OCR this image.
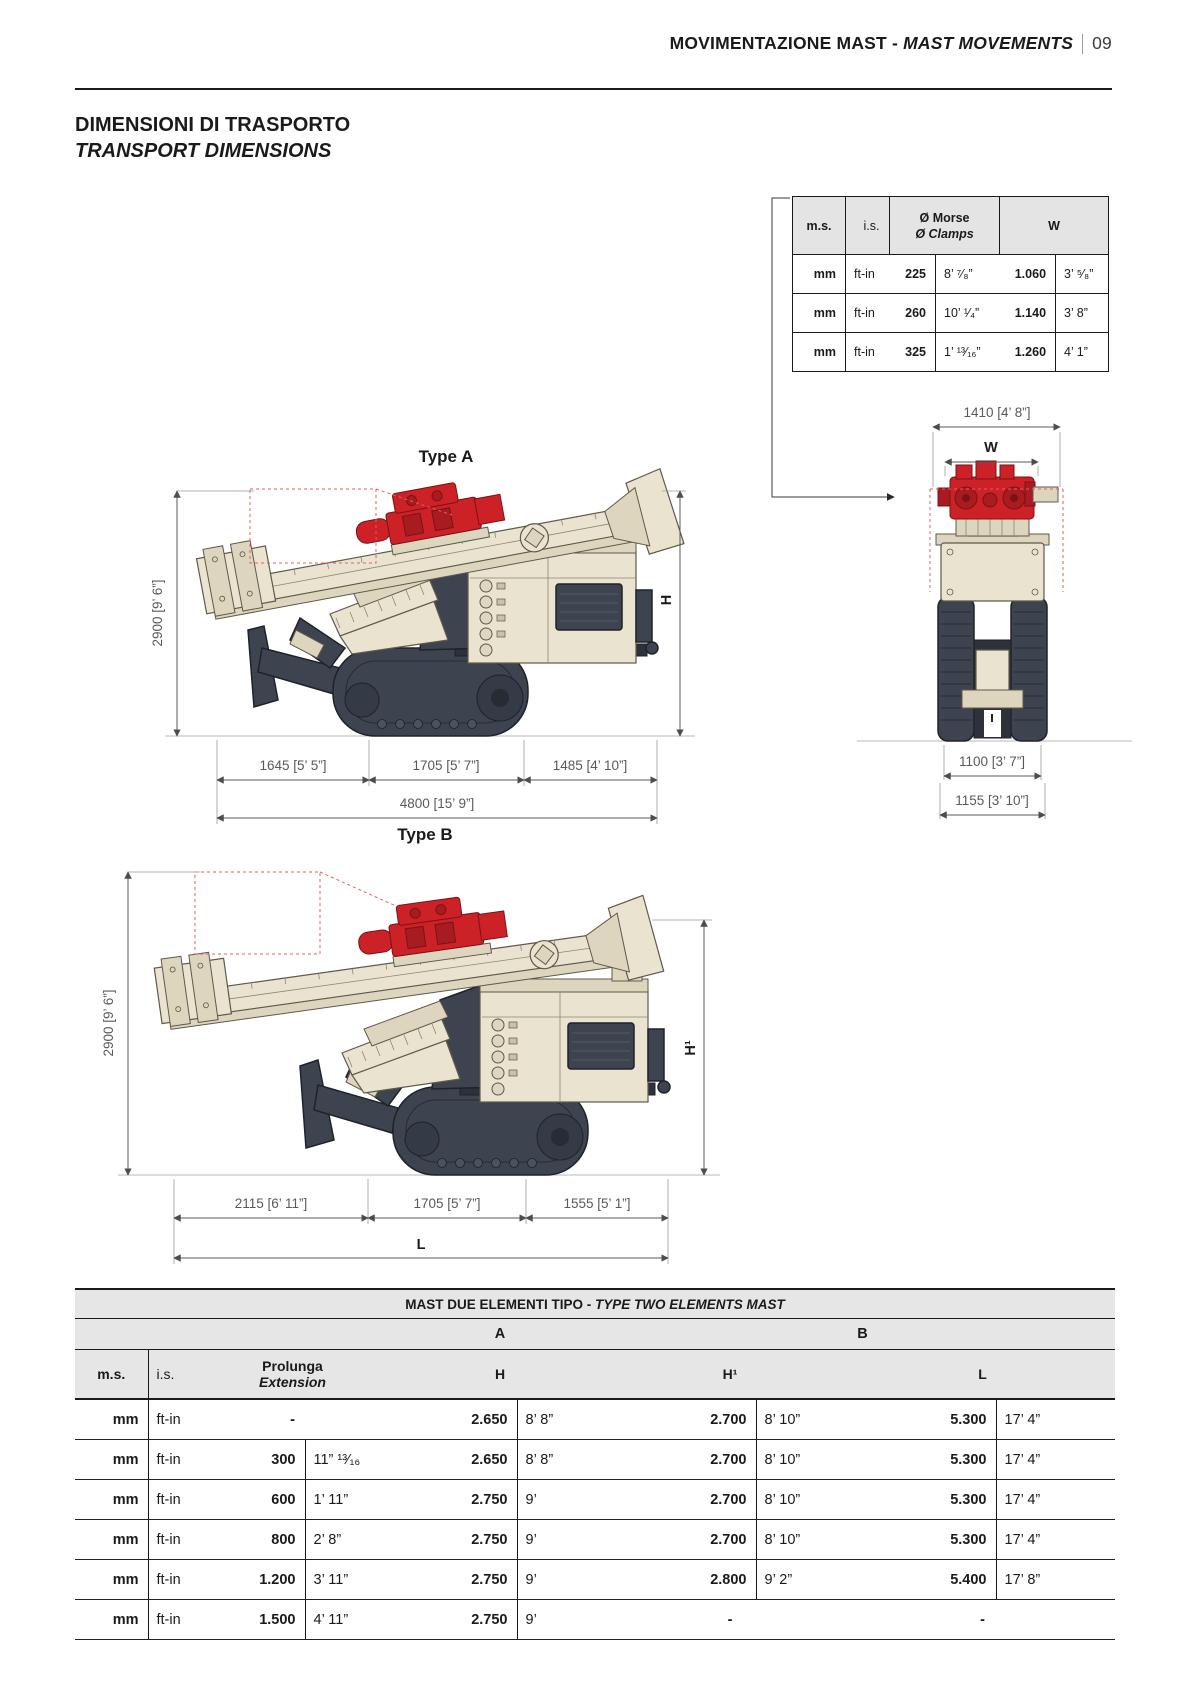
Type A
2900 [9’ 6”]	H
1645 [5’ 5”]	1705 [5’ 7”]	1485 [4’ 10”]
4800 [15’ 9”]
1410 [4’ 8”]
W
1100 [3’ 7”]
1155 [3’ 10”]
Type B
2900 [9’ 6”]	H¹
2115 [6’ 11”]	1705 [5’ 7”]	1555 [5’ 1”]
L
MOVIMENTAZIONE MAST - MAST MOVEMENTS 09
DIMENSIONI DI TRASPORTO
TRANSPORT DIMENSIONS
m.s.	i.s.	Ø Morse
Ø Clamps		W	
mm	ft-in	225	8’ ⁷⁄₈”	1.060	3’ ⁵⁄₈”
mm	ft-in	260	10’ ¹⁄₄”	1.140	3’ 8”
mm	ft-in	325	1’ ¹³⁄₁₆”	1.260	4’ 1”
MAST DUE ELEMENTI TIPO - TYPE TWO ELEMENTS MAST									
				A		B			
m.s.	i.s.	Prolunga
Extension		H		H¹		L	
mm	ft-in	-		2.650	8’ 8”	2.700	8’ 10”	5.300	17’ 4”
mm	ft-in	300	11” ¹³⁄₁₆	2.650	8’ 8”	2.700	8’ 10”	5.300	17’ 4”
mm	ft-in	600	1’ 11”	2.750	9’	2.700	8’ 10”	5.300	17’ 4”
mm	ft-in	800	2’ 8”	2.750	9’	2.700	8’ 10”	5.300	17’ 4”
mm	ft-in	1.200	3’ 11”	2.750	9’	2.800	9’ 2”	5.400	17’ 8”
mm	ft-in	1.500	4’ 11”	2.750	9’	-		-	
